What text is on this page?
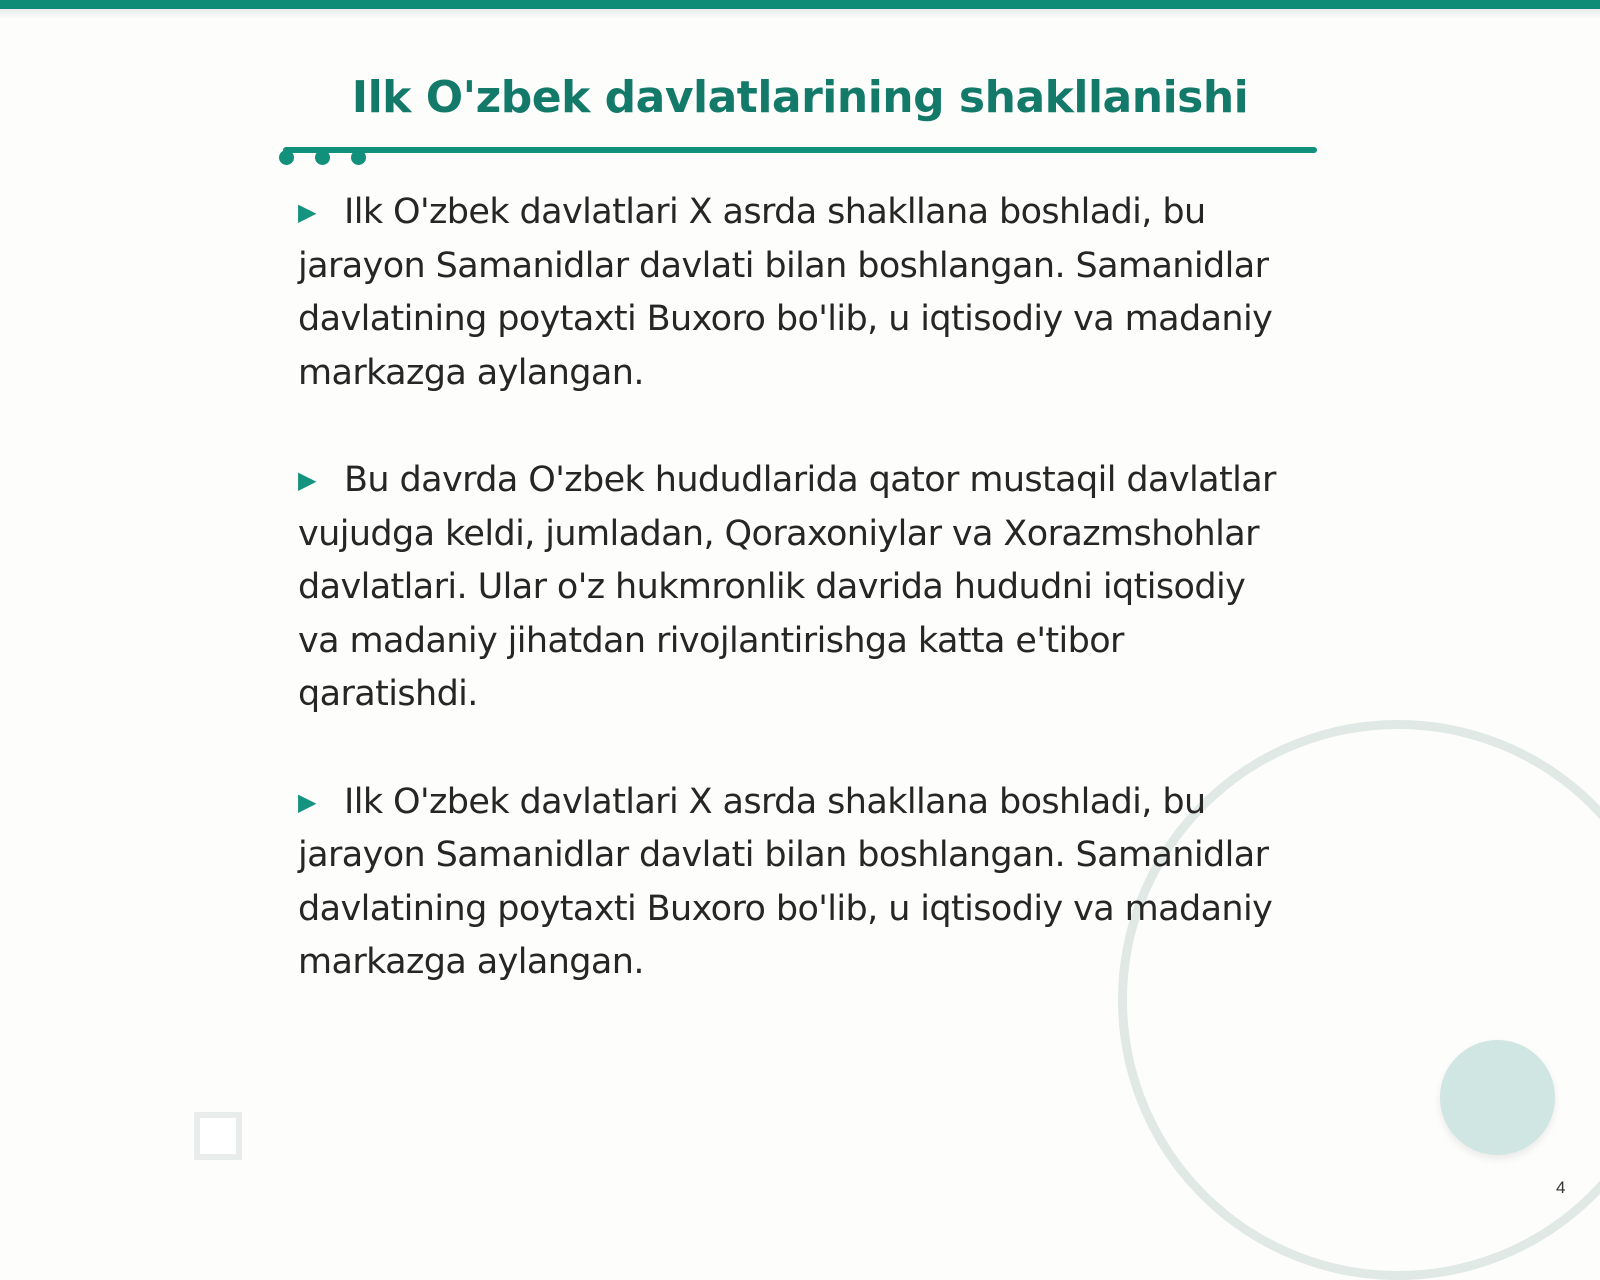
Ilk O'zbek davlatlarining shakllanishi

▶ Ilk O'zbek davlatlari X asrda shakllana boshladi, bu jarayon Samanidlar davlati bilan boshlangan. Samanidlar davlatining poytaxti Buxoro bo'lib, u iqtisodiy va madaniy markazga aylangan.

▶ Bu davrda O'zbek hududlarida qator mustaqil davlatlar vujudga keldi, jumladan, Qoraxoniylar va Xorazmshohlar davlatlari. Ular o'z hukmronlik davrida hududni iqtisodiy va madaniy jihatdan rivojlantirishga katta e'tibor qaratishdi.

▶ Ilk O'zbek davlatlari X asrda shakllana boshladi, bu jarayon Samanidlar davlati bilan boshlangan. Samanidlar davlatining poytaxti Buxoro bo'lib, u iqtisodiy va madaniy markazga aylangan.

4
